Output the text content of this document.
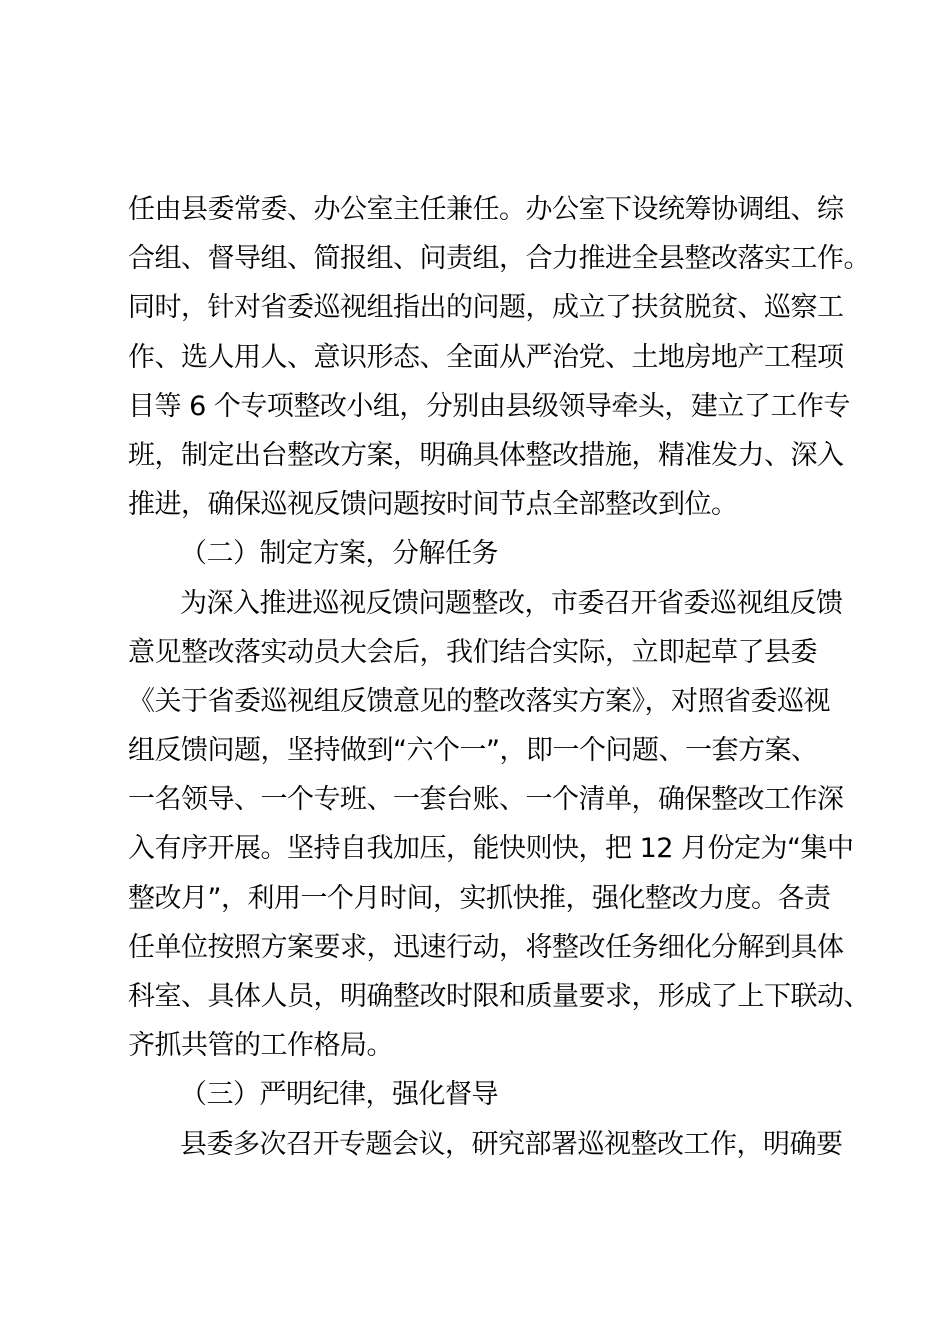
任由县委常委、办公室主任兼任。办公室下设统筹协调组、综
合组、督导组、简报组、问责组，合力推进全县整改落实工作。
同时，针对省委巡视组指出的问题，成立了扶贫脱贫、巡察工
作、选人用人、意识形态、全面从严治党、土地房地产工程项
目等 6 个专项整改小组，分别由县级领导牵头，建立了工作专
班，制定出台整改方案，明确具体整改措施，精准发力、深入
推进，确保巡视反馈问题按时间节点全部整改到位。
（二）制定方案，分解任务
为深入推进巡视反馈问题整改，市委召开省委巡视组反馈
意见整改落实动员大会后，我们结合实际，立即起草了县委
《关于省委巡视组反馈意见的整改落实方案》，对照省委巡视
组反馈问题，坚持做到“六个一”，即一个问题、一套方案、
一名领导、一个专班、一套台账、一个清单，确保整改工作深
入有序开展。坚持自我加压，能快则快，把 12 月份定为“集中
整改月”，利用一个月时间，实抓快推，强化整改力度。各责
任单位按照方案要求，迅速行动，将整改任务细化分解到具体
科室、具体人员，明确整改时限和质量要求，形成了上下联动、
齐抓共管的工作格局。
（三）严明纪律，强化督导
县委多次召开专题会议，研究部署巡视整改工作，明确要
